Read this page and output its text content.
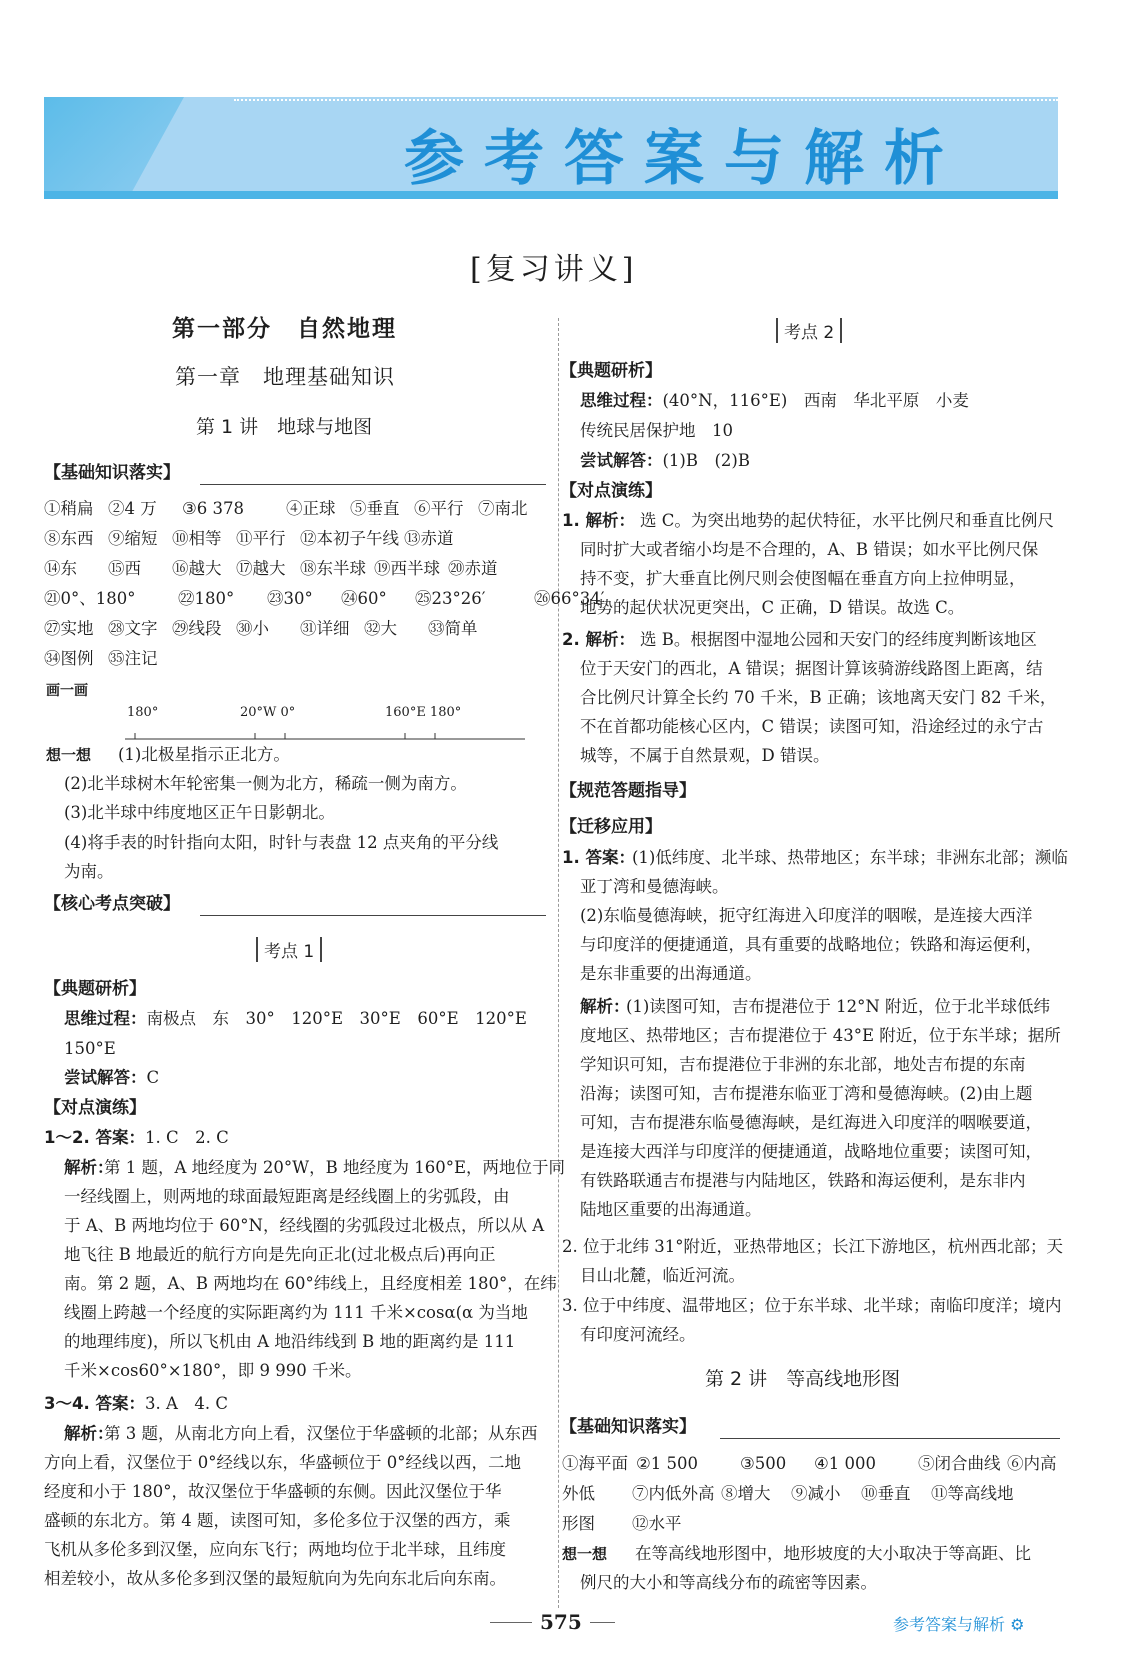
参考答案与解析
[复习讲义]
第一部分　自然地理
第一章　地理基础知识
第 1 讲　地球与地图
【基础知识落实】
①稍扁 ②4 万 ③6 378	④正球 ⑤垂直 ⑥平行 ⑦南北
⑧东西 ⑨缩短 ⑩相等 ⑪平行 ⑫本初子午线 ⑬赤道
⑭东 ⑮西 ⑯越大 ⑰越大 ⑱东半球 ⑲西半球 ⑳赤道
㉑0°、180°	㉒180° ㉓30° ㉔60° ㉕23°26′	㉖66°34′
㉗实地 ㉘文字 ㉙线段 ㉚小 ㉛详细 ㉜大 ㉝简单
㉞图例 ㉟注记
画一画
180°	20°W 0°	160°E 180°
想一想 (1)北极星指示正北方。
(2)北半球树木年轮密集一侧为北方，稀疏一侧为南方。
(3)北半球中纬度地区正午日影朝北。
(4)将手表的时针指向太阳，时针与表盘 12 点夹角的平分线
为南。
【核心考点突破】
考点 1
【典题研析】
思维过程：南极点　东　30°　120°E　30°E　60°E　120°E
150°E
尝试解答：C
【对点演练】
1～2. 答案：1. C　2. C
第 1 题，A 地经度为 20°W，B 地经度为 160°E，两地位于同
一经线圈上，则两地的球面最短距离是经线圈上的劣弧段，由
于 A、B 两地均位于 60°N，经线圈的劣弧段过北极点，所以从 A
地飞往 B 地最近的航行方向是先向正北(过北极点后)再向正
南。第 2 题，A、B 两地均在 60°纬线上，且经度相差 180°，在纬
线圈上跨越一个经度的实际距离约为 111 千米×cosα(α 为当地
的地理纬度)，所以飞机由 A 地沿纬线到 B 地的距离约是 111
千米×cos60°×180°，即 9 990 千米。
解析：
3～4. 答案：3. A　4. C
第 3 题，从南北方向上看，汉堡位于华盛顿的北部；从东西
方向上看，汉堡位于 0°经线以东，华盛顿位于 0°经线以西，二地
经度和小于 180°，故汉堡位于华盛顿的东侧。因此汉堡位于华
盛顿的东北方。第 4 题，读图可知，多伦多位于汉堡的西方，乘
飞机从多伦多到汉堡，应向东飞行；两地均位于北半球，且纬度
相差较小，故从多伦多到汉堡的最短航向为先向东北后向东南。
解析：
考点 2
【典题研析】
思维过程：(40°N，116°E)　西南　华北平原　小麦
传统民居保护地　10
尝试解答：(1)B　(2)B
【对点演练】
1. 解析： 选 C。为突出地势的起伏特征，水平比例尺和垂直比例尺
同时扩大或者缩小均是不合理的，A、B 错误；如水平比例尺保
持不变，扩大垂直比例尺则会使图幅在垂直方向上拉伸明显，
地势的起伏状况更突出，C 正确，D 错误。故选 C。
2. 解析： 选 B。根据图中湿地公园和天安门的经纬度判断该地区
位于天安门的西北，A 错误；据图计算该骑游线路图上距离，结
合比例尺计算全长约 70 千米，B 正确；该地离天安门 82 千米，
不在首都功能核心区内，C 错误；读图可知，沿途经过的永宁古
城等，不属于自然景观，D 错误。
【规范答题指导】
【迁移应用】
1. 答案：
(1)低纬度、北半球、热带地区；东半球；非洲东北部；濒临
亚丁湾和曼德海峡。
(2)东临曼德海峡，扼守红海进入印度洋的咽喉，是连接大西洋
与印度洋的便捷通道，具有重要的战略地位；铁路和海运便利，
是东非重要的出海通道。
解析：
(1)读图可知，吉布提港位于 12°N 附近，位于北半球低纬
度地区、热带地区；吉布提港位于 43°E 附近，位于东半球；据所
学知识可知，吉布提港位于非洲的东北部，地处吉布提的东南
沿海；读图可知，吉布提港东临亚丁湾和曼德海峡。(2)由上题
可知，吉布提港东临曼德海峡，是红海进入印度洋的咽喉要道，
是连接大西洋与印度洋的便捷通道，战略地位重要；读图可知，
有铁路联通吉布提港与内陆地区，铁路和海运便利，是东非内
陆地区重要的出海通道。
2. 位于北纬 31°附近，亚热带地区；长江下游地区，杭州西北部；天
目山北麓，临近河流。
3. 位于中纬度、温带地区；位于东半球、北半球；南临印度洋；境内
有印度河流经。
第 2 讲　等高线地形图
【基础知识落实】
①海平面 ②1 500	③500 ④1 000	⑤闭合曲线 ⑥内高
外低 ⑦内低外高 ⑧增大 ⑨减小 ⑩垂直 ⑪等高线地
形图 ⑫水平
想一想 在等高线地形图中，地形坡度的大小取决于等高距、比
例尺的大小和等高线分布的疏密等因素。
575	参考答案与解析 ⚙
